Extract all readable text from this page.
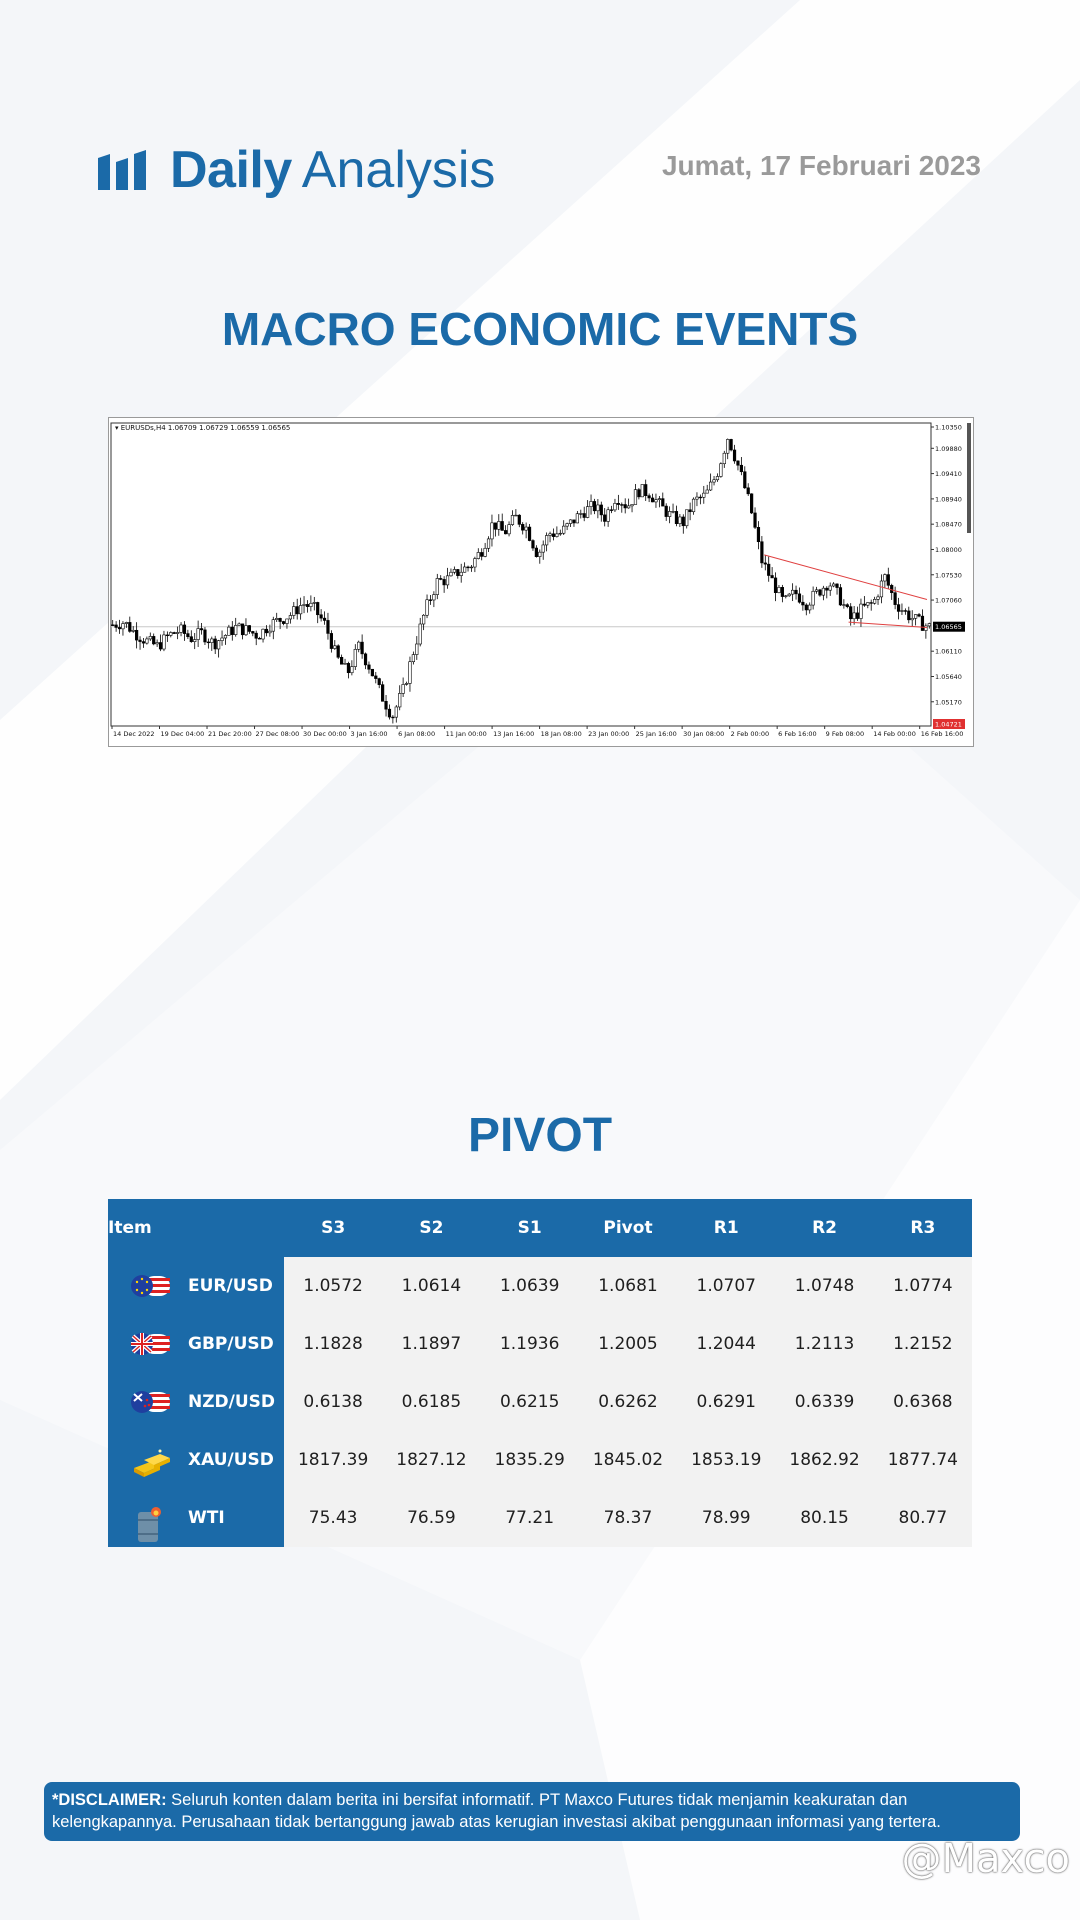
Daily Analysis	Jumat, 17 Februari 2023
MACRO ECONOMIC EVENTS
▾ EURUSDs,H4 1.06709 1.06729 1.06559 1.06565	1.10350
1.09880
1.09410
1.08940
1.08470
1.08000
1.07530
1.07060
1.06565
1.06110
1.05640
1.05170
1.04721
14 Dec 2022 19 Dec 04:00 21 Dec 20:00 27 Dec 08:00 30 Dec 00:00 3 Jan 16:00 6 Jan 08:00 11 Jan 00:00 13 Jan 16:00 18 Jan 08:00 23 Jan 00:00 25 Jan 16:00 30 Jan 08:00 2 Feb 00:00 6 Feb 16:00 9 Feb 08:00 14 Feb 00:00 16 Feb 16:00
PIVOT
Item	S3	S2	S1	Pivot	R1	R2	R3

EUR/USD	1.0572	1.0614	1.0639	1.0681	1.0707	1.0748	1.0774

GBP/USD	1.1828	1.1897	1.1936	1.2005	1.2044	1.2113	1.2152

NZD/USD	0.6138	0.6185	0.6215	0.6262	0.6291	0.6339	0.6368

XAU/USD	1817.39	1827.12	1835.29	1845.02	1853.19	1862.92	1877.74

WTI	75.43	76.59	77.21	78.37	78.99	80.15	80.77
*DISCLAIMER: Seluruh konten dalam berita ini bersifat informatif. PT Maxco Futures tidak menjamin keakuratan dan kelengkapannya. Perusahaan tidak bertanggung jawab atas kerugian investasi akibat penggunaan informasi yang tertera.
@Maxco
